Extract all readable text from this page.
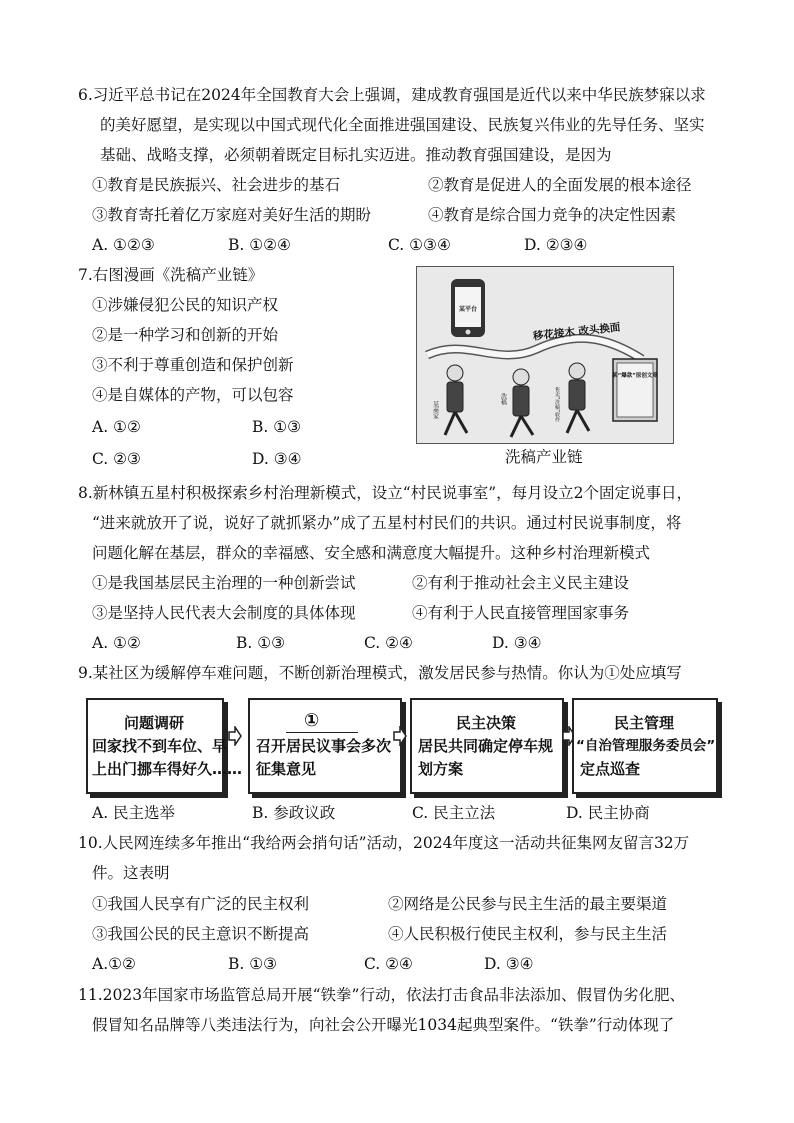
6.习近平总书记在2024年全国教育大会上强调，建成教育强国是近代以来中华民族梦寐以求
的美好愿望，是实现以中国式现代化全面推进强国建设、民族复兴伟业的先导任务、坚实
基础、战略支撑，必须朝着既定目标扎实迈进。推动教育强国建设，是因为
①教育是民族振兴、社会进步的基石	②教育是促进人的全面发展的根本途径
③教育寄托着亿万家庭对美好生活的期盼	④教育是综合国力竞争的决定性因素
A. ①②③	B. ①②④	C. ①③④	D. ②③④
7.右图漫画《洗稿产业链》
①涉嫌侵犯公民的知识产权
②是一种学习和创新的开始
③不利于尊重创造和保护创新
④是自媒体的产物，可以包容
A. ①②	B. ①③
C. ②③	D. ③④
某平台
移花接木 改头换面
某商家
洗稿	售卖“洗稿”软件
某“爆款”原创文章
洗稿产业链
8.新林镇五星村积极探索乡村治理新模式，设立“村民说事室”，每月设立2个固定说事日，
“进来就放开了说，说好了就抓紧办”成了五星村村民们的共识。通过村民说事制度，将
问题化解在基层，群众的幸福感、安全感和满意度大幅提升。这种乡村治理新模式
①是我国基层民主治理的一种创新尝试	②有利于推动社会主义民主建设
③是坚持人民代表大会制度的具体体现	④有利于人民直接管理国家事务
A. ①②	B. ①③	C. ②④	D. ③④
9.某社区为缓解停车难问题，不断创新治理模式，激发居民参与热情。你认为①处应填写
问题调研
回家找不到车位、早
上出门挪车得好久……
①
召开居民议事会多次
征集意见
民主决策
居民共同确定停车规
划方案
民主管理
“自治管理服务委员会”
定点巡查
A. 民主选举	B. 参政议政	C. 民主立法	D. 民主协商
10.人民网连续多年推出“我给两会捎句话”活动，2024年度这一活动共征集网友留言32万
件。这表明
①我国人民享有广泛的民主权利	②网络是公民参与民主生活的最主要渠道
③我国公民的民主意识不断提高	④人民积极行使民主权利，参与民主生活
A.①②	B. ①③	C. ②④	D. ③④
11.2023年国家市场监管总局开展“铁拳”行动，依法打击食品非法添加、假冒伪劣化肥、
假冒知名品牌等八类违法行为，向社会公开曝光1034起典型案件。“铁拳”行动体现了
